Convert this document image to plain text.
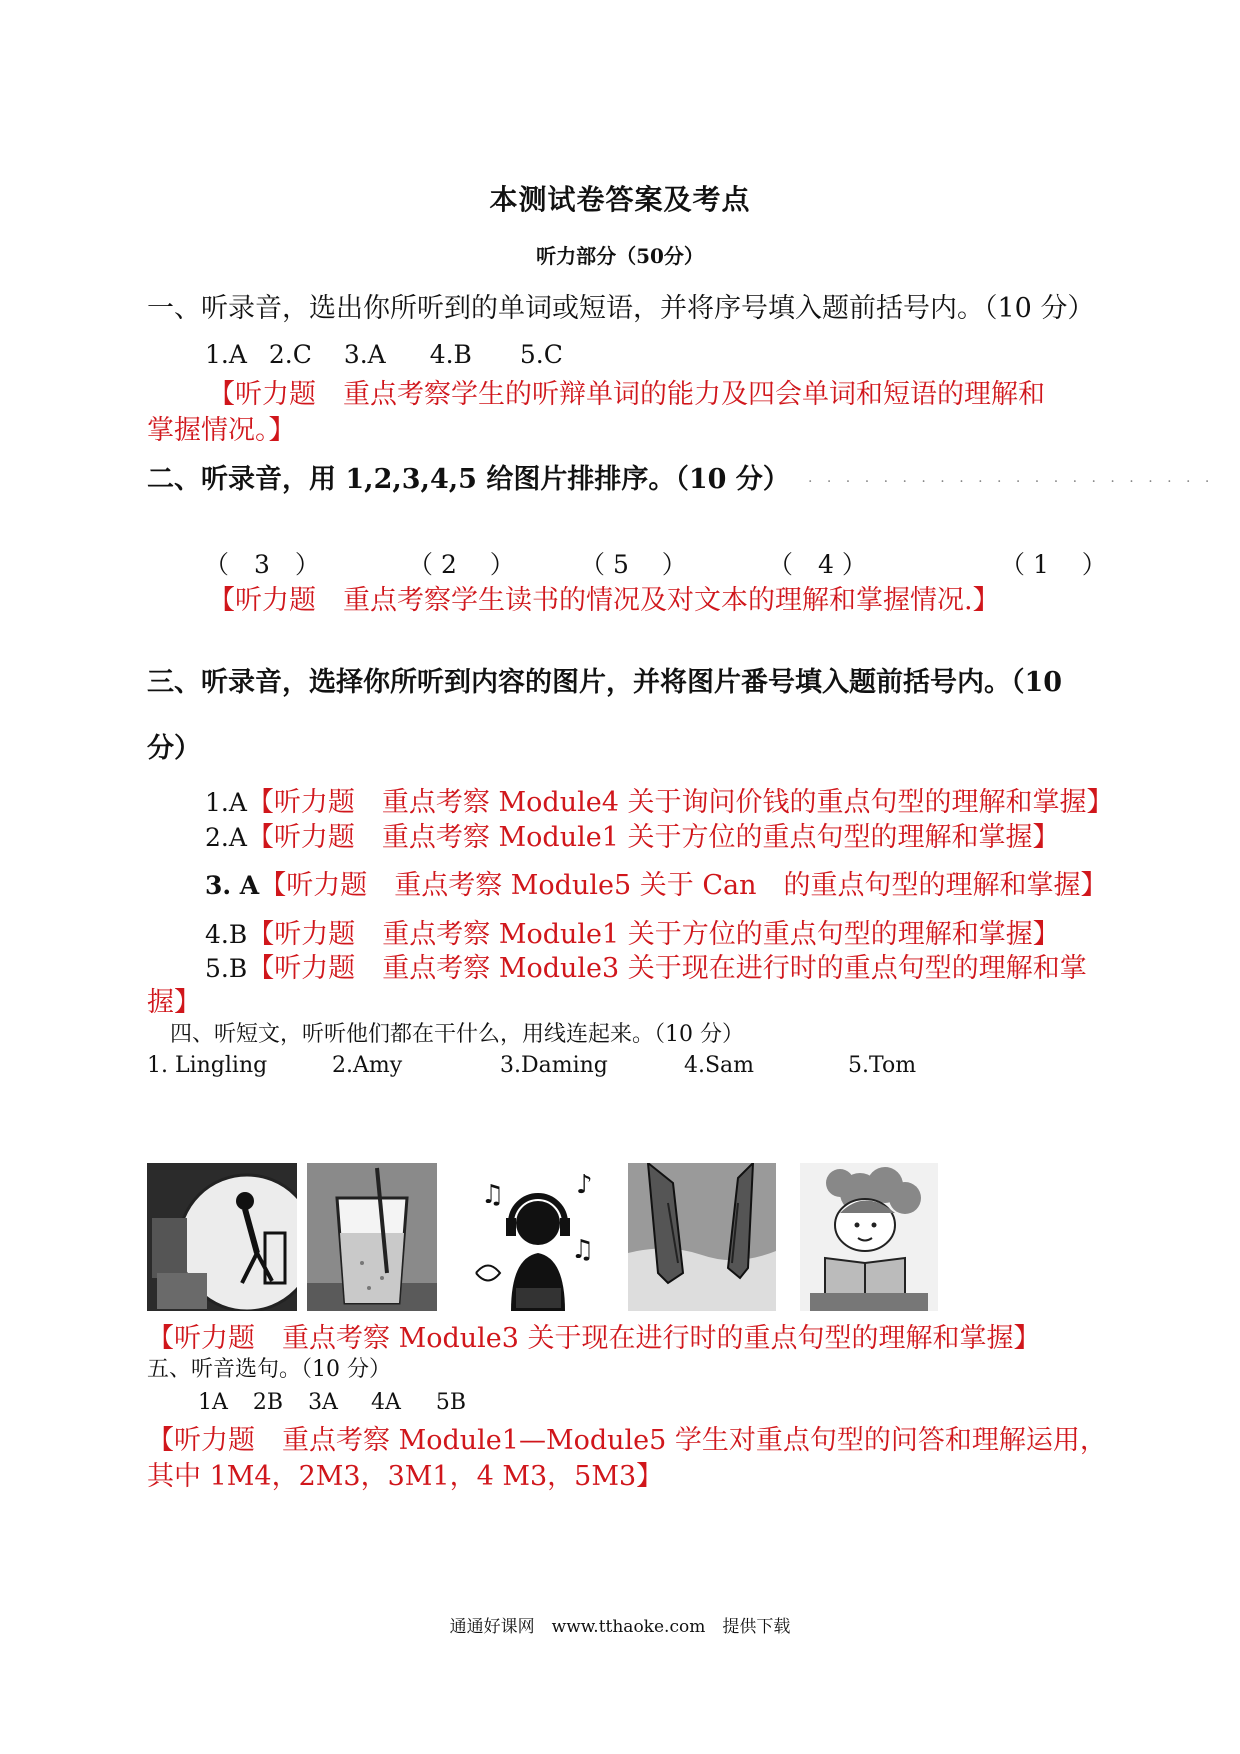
本测试卷答案及考点
听力部分（50分）
一、听录音，选出你所听到的单词或短语，并将序号填入题前括号内。（10 分）
1.A 2.C 3.A 4.B 5.C
【听力题　重点考察学生的听辩单词的能力及四会单词和短语的理解和
掌握情况。】
二、听录音，用 1,2,3,4,5 给图片排排序。（10 分） . . . . . . . . . . . . . . . . . . . . . .
（　3　）	（ 2　 ）	（ 5　 ）	（　4 ）	（ 1　 ）
【听力题　重点考察学生读书的情况及对文本的理解和掌握情况.】
三、听录音，选择你所听到内容的图片，并将图片番号填入题前括号内。（10
分）
1.A【听力题　重点考察 Module4 关于询问价钱的重点句型的理解和掌握】
2.A【听力题　重点考察 Module1 关于方位的重点句型的理解和掌握】
3. A【听力题　重点考察 Module5 关于 Can　的重点句型的理解和掌握】
4.B【听力题　重点考察 Module1 关于方位的重点句型的理解和掌握】
5.B【听力题　重点考察 Module3 关于现在进行时的重点句型的理解和掌
握】
四、听短文，听听他们都在干什么，用线连起来。（10 分）
1. Lingling	2.Amy	3.Daming	4.Sam	5.Tom
♫	♪
♫
【听力题　重点考察 Module3 关于现在进行时的重点句型的理解和掌握】
五、听音选句。（10 分）
1A 2B 3A 4A 5B
【听力题　重点考察 Module1—Module5 学生对重点句型的问答和理解运用，
其中 1M4，2M3，3M1，4 M3，5M3】
通通好课网　www.tthaoke.com　提供下载
